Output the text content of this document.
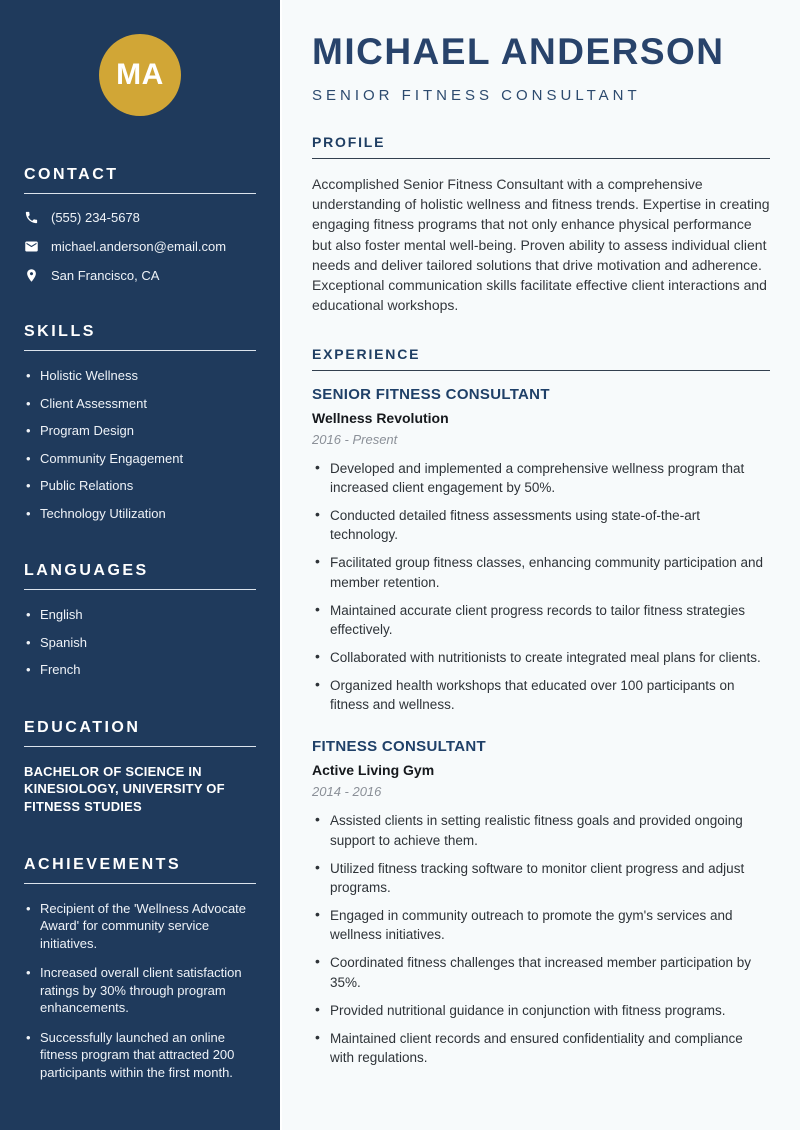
MA
CONTACT
(555) 234-5678
michael.anderson@email.com
San Francisco, CA
SKILLS
• Holistic Wellness
• Client Assessment
• Program Design
• Community Engagement
• Public Relations
• Technology Utilization
LANGUAGES
• English
• Spanish
• French
EDUCATION
BACHELOR OF SCIENCE IN KINESIOLOGY, UNIVERSITY OF FITNESS STUDIES
ACHIEVEMENTS
• Recipient of the 'Wellness Advocate Award' for community service initiatives.
• Increased overall client satisfaction ratings by 30% through program enhancements.
• Successfully launched an online fitness program that attracted 200 participants within the first month.
MICHAEL ANDERSON
SENIOR FITNESS CONSULTANT
PROFILE

Accomplished Senior Fitness Consultant with a comprehensive understanding of holistic wellness and fitness trends. Expertise in creating engaging fitness programs that not only enhance physical performance but also foster mental well-being. Proven ability to assess individual client needs and deliver tailored solutions that drive motivation and adherence. Exceptional communication skills facilitate effective client interactions and educational workshops.

EXPERIENCE
SENIOR FITNESS CONSULTANT
Wellness Revolution
2016 - Present
• Developed and implemented a comprehensive wellness program that increased client engagement by 50%.
• Conducted detailed fitness assessments using state-of-the-art technology.
• Facilitated group fitness classes, enhancing community participation and member retention.
• Maintained accurate client progress records to tailor fitness strategies effectively.
• Collaborated with nutritionists to create integrated meal plans for clients.
• Organized health workshops that educated over 100 participants on fitness and wellness.
FITNESS CONSULTANT
Active Living Gym
2014 - 2016
• Assisted clients in setting realistic fitness goals and provided ongoing support to achieve them.
• Utilized fitness tracking software to monitor client progress and adjust programs.
• Engaged in community outreach to promote the gym's services and wellness initiatives.
• Coordinated fitness challenges that increased member participation by 35%.
• Provided nutritional guidance in conjunction with fitness programs.
• Maintained client records and ensured confidentiality and compliance with regulations.
